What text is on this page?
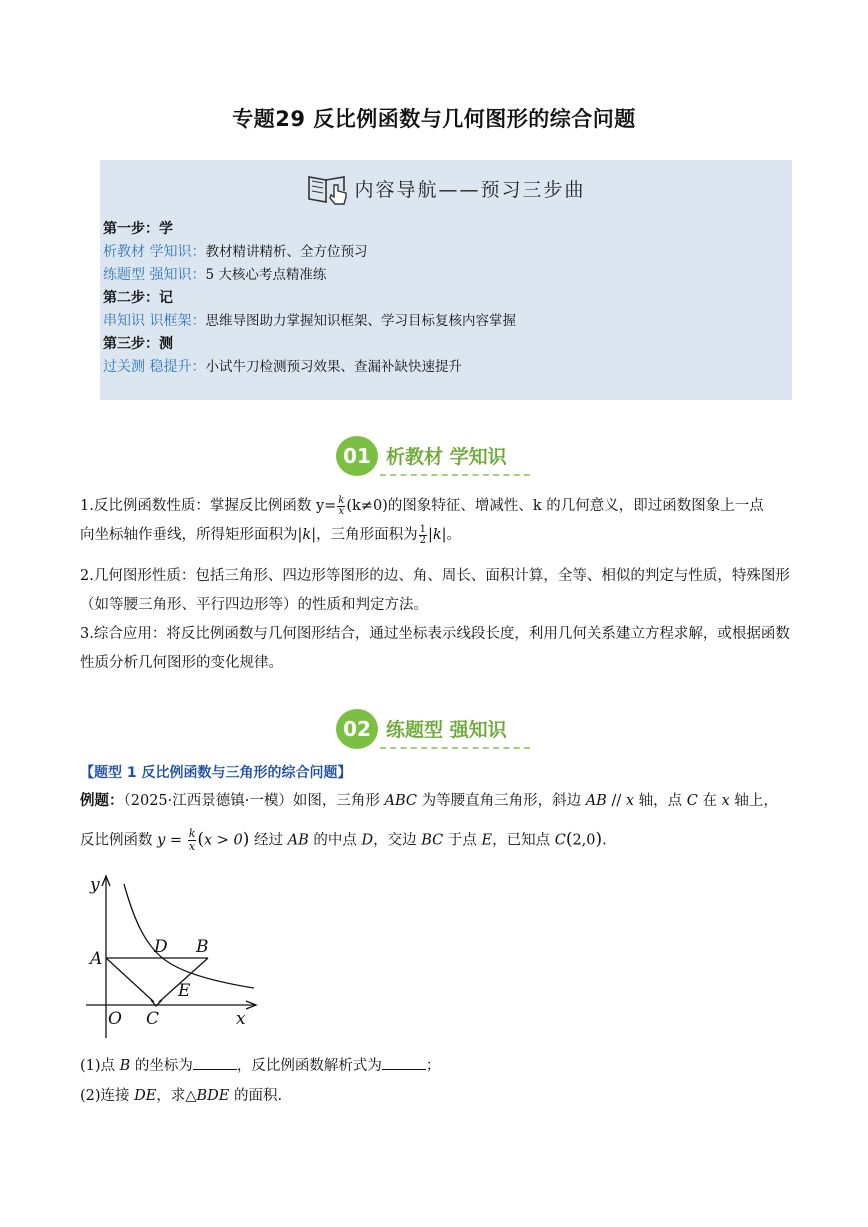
专题29 反比例函数与几何图形的综合问题
内容导航——预习三步曲
第一步：学
析教材 学知识：教材精讲精析、全方位预习
练题型 强知识：5 大核心考点精准练
第二步：记
串知识 识框架：思维导图助力掌握知识框架、学习目标复核内容掌握
第三步：测
过关测 稳提升：小试牛刀检测预习效果、查漏补缺快速提升
01 析教材 学知识
1.反比例函数性质：掌握反比例函数 $y= \frac{k}{x} (k\ne 0)$的图象特征、增减性、k 的几何意义，即过函数图象上一点
向坐标轴作垂线，所得矩形面积为|k|，三角形面积为 $\frac{1}{2} |k|$。
2.几何图形性质：包括三角形、四边形等图形的边、角、周长、面积计算，全等、相似的判定与性质，特殊图形（如等腰三角形、平行四边形等）的性质和判定方法。
3.综合应用：将反比例函数与几何图形结合，通过坐标表示线段长度，利用几何关系建立方程求解，或根据函数性质分析几何图形的变化规律。
02 练题型 强知识
【题型 1 反比例函数与三角形的综合问题】
例题：（2025·江西景德镇·一模）如图，三角形 ABC 为等腰直角三角形，斜边 AB // x 轴，点 C 在 x 轴上，
反比例函数 $y = \frac{k}{x} (x > 0)$ 经过 AB 的中点 D，交边 BC 于点 E，已知点 C(2,0).
y
x
O
A
B
C
D
E
(1)点 B 的坐标为	，反比例函数解析式为	；
(2)连接 DE，求△BDE 的面积.
